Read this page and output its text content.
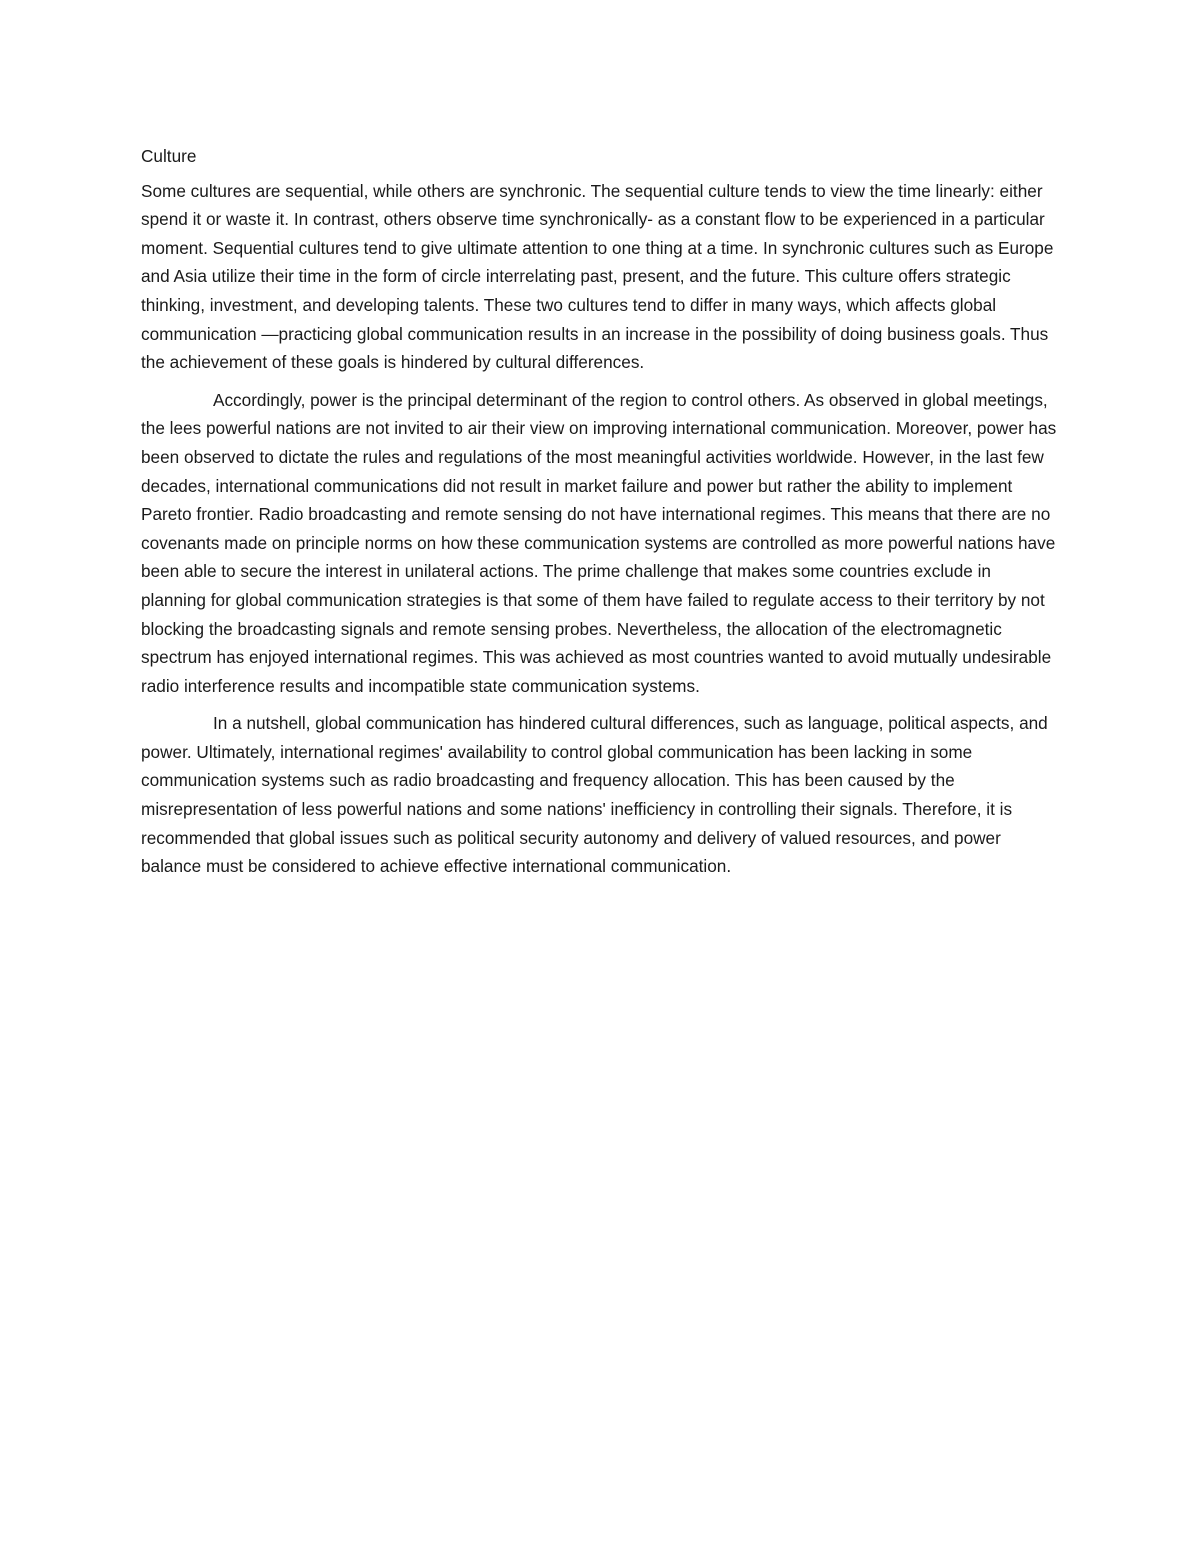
Culture

Some cultures are sequential, while others are synchronic. The sequential culture tends to view the time linearly: either spend it or waste it. In contrast, others observe time synchronically- as a constant flow to be experienced in a particular moment. Sequential cultures tend to give ultimate attention to one thing at a time. In synchronic cultures such as Europe and Asia utilize their time in the form of circle interrelating past, present, and the future. This culture offers strategic thinking, investment, and developing talents. These two cultures tend to differ in many ways, which affects global communication —practicing global communication results in an increase in the possibility of doing business goals. Thus the achievement of these goals is hindered by cultural differences.

Accordingly, power is the principal determinant of the region to control others. As observed in global meetings, the lees powerful nations are not invited to air their view on improving international communication. Moreover, power has been observed to dictate the rules and regulations of the most meaningful activities worldwide. However, in the last few decades, international communications did not result in market failure and power but rather the ability to implement Pareto frontier. Radio broadcasting and remote sensing do not have international regimes. This means that there are no covenants made on principle norms on how these communication systems are controlled as more powerful nations have been able to secure the interest in unilateral actions. The prime challenge that makes some countries exclude in planning for global communication strategies is that some of them have failed to regulate access to their territory by not blocking the broadcasting signals and remote sensing probes. Nevertheless, the allocation of the electromagnetic spectrum has enjoyed international regimes. This was achieved as most countries wanted to avoid mutually undesirable radio interference results and incompatible state communication systems.

In a nutshell, global communication has hindered cultural differences, such as language, political aspects, and power. Ultimately, international regimes' availability to control global communication has been lacking in some communication systems such as radio broadcasting and frequency allocation. This has been caused by the misrepresentation of less powerful nations and some nations' inefficiency in controlling their signals. Therefore, it is recommended that global issues such as political security autonomy and delivery of valued resources, and power balance must be considered to achieve effective international communication.
